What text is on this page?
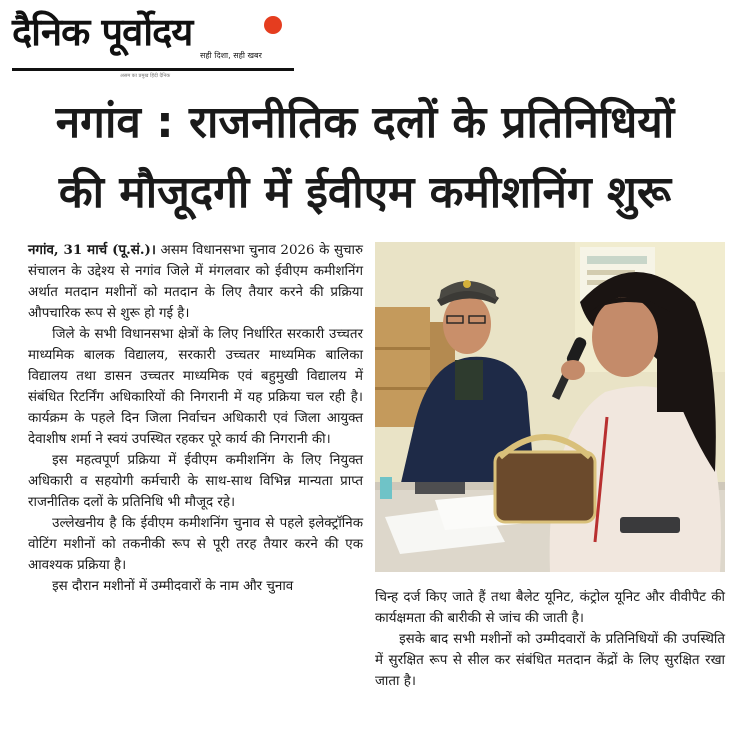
दैनिक पूर्वोदय
सही दिशा, सही खबर
असम का प्रमुख हिंदी दैनिक
नगांव : राजनीतिक दलों के प्रतिनिधियों
की मौजूदगी में ईवीएम कमीशनिंग शुरू

नगांव, 31 मार्च (पू.सं.)। असम विधानसभा चुनाव 2026 के सुचारु संचालन के उद्देश्य से नगांव जिले में मंगलवार को ईवीएम कमीशनिंग अर्थात मतदान मशीनों को मतदान के लिए तैयार करने की प्रक्रिया औपचारिक रूप से शुरू हो गई है।

जिले के सभी विधानसभा क्षेत्रों के लिए निर्धारित सरकारी उच्चतर माध्यमिक बालक विद्यालय, सरकारी उच्चतर माध्यमिक बालिका विद्यालय तथा डासन उच्चतर माध्यमिक एवं बहुमुखी विद्यालय में संबंधित रिटर्निंग अधिकारियों की निगरानी में यह प्रक्रिया चल रही है। कार्यक्रम के पहले दिन जिला निर्वाचन अधिकारी एवं जिला आयुक्त देवाशीष शर्मा ने स्वयं उपस्थित रहकर पूरे कार्य की निगरानी की।

इस महत्वपूर्ण प्रक्रिया में ईवीएम कमीशनिंग के लिए नियुक्त अधिकारी व सहयोगी कर्मचारी के साथ-साथ विभिन्न मान्यता प्राप्त राजनीतिक दलों के प्रतिनिधि भी मौजूद रहे।

उल्लेखनीय है कि ईवीएम कमीशनिंग चुनाव से पहले इलेक्ट्रॉनिक वोटिंग मशीनों को तकनीकी रूप से पूरी तरह तैयार करने की एक आवश्यक प्रक्रिया है।

इस दौरान मशीनों में उम्मीदवारों के नाम और चुनाव

चिन्ह दर्ज किए जाते हैं तथा बैलेट यूनिट, कंट्रोल यूनिट और वीवीपैट की कार्यक्षमता की बारीकी से जांच की जाती है।

इसके बाद सभी मशीनों को उम्मीदवारों के प्रतिनिधियों की उपस्थिति में सुरक्षित रूप से सील कर संबंधित मतदान केंद्रों के लिए सुरक्षित रखा जाता है।
